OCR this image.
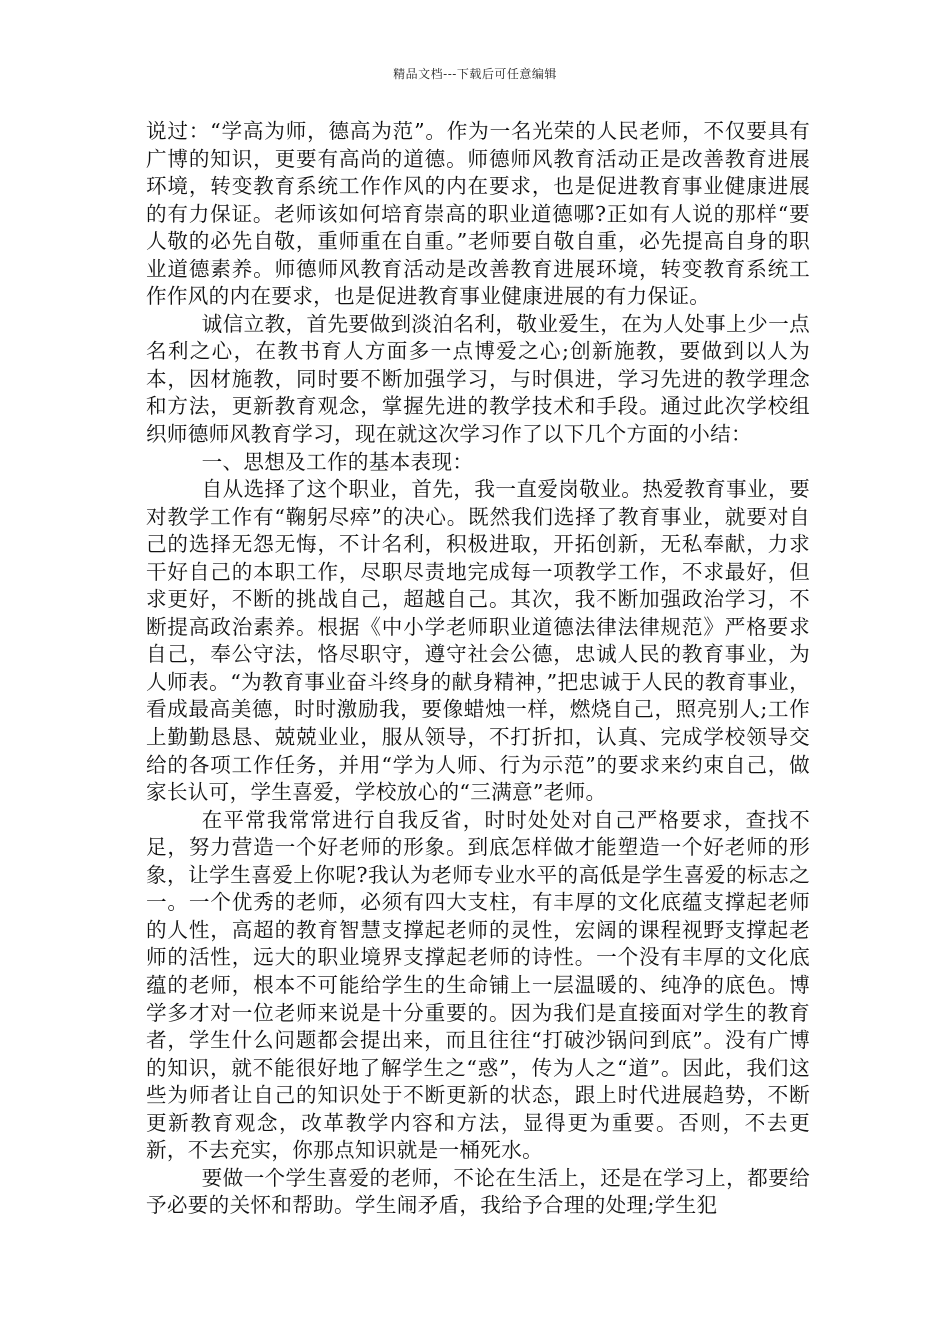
精品文档---下载后可任意编辑

说过：“学高为师，德高为范”。作为一名光荣的人民老师，不仅要具有广博的知识，更要有高尚的道德。师德师风教育活动正是改善教育进展环境，转变教育系统工作作风的内在要求，也是促进教育事业健康进展的有力保证。老师该如何培育崇高的职业道德哪?正如有人说的那样“要人敬的必先自敬，重师重在自重。”老师要自敬自重，必先提高自身的职业道德素养。师德师风教育活动是改善教育进展环境，转变教育系统工作作风的内在要求，也是促进教育事业健康进展的有力保证。

诚信立教，首先要做到淡泊名利，敬业爱生，在为人处事上少一点名利之心，在教书育人方面多一点博爱之心;创新施教，要做到以人为本，因材施教，同时要不断加强学习，与时俱进，学习先进的教学理念和方法，更新教育观念，掌握先进的教学技术和手段。通过此次学校组织师德师风教育学习，现在就这次学习作了以下几个方面的小结：

一、思想及工作的基本表现：

自从选择了这个职业，首先，我一直爱岗敬业。热爱教育事业，要对教学工作有“鞠躬尽瘁”的决心。既然我们选择了教育事业，就要对自己的选择无怨无悔，不计名利，积极进取，开拓创新，无私奉献，力求干好自己的本职工作，尽职尽责地完成每一项教学工作，不求最好，但求更好，不断的挑战自己，超越自己。其次，我不断加强政治学习，不断提高政治素养。根据《中小学老师职业道德法律法律规范》严格要求自己，奉公守法，恪尽职守，遵守社会公德，忠诚人民的教育事业，为人师表。“为教育事业奋斗终身的献身精神，”把忠诚于人民的教育事业，看成最高美德，时时激励我，要像蜡烛一样，燃烧自己，照亮别人;工作上勤勤恳恳、兢兢业业，服从领导，不打折扣，认真、完成学校领导交给的各项工作任务，并用“学为人师、行为示范”的要求来约束自己，做家长认可，学生喜爱，学校放心的“三满意”老师。

在平常我常常进行自我反省，时时处处对自己严格要求，查找不足，努力营造一个好老师的形象。到底怎样做才能塑造一个好老师的形象，让学生喜爱上你呢?我认为老师专业水平的高低是学生喜爱的标志之一。一个优秀的老师，必须有四大支柱，有丰厚的文化底蕴支撑起老师的人性，高超的教育智慧支撑起老师的灵性，宏阔的课程视野支撑起老师的活性，远大的职业境界支撑起老师的诗性。一个没有丰厚的文化底蕴的老师，根本不可能给学生的生命铺上一层温暖的、纯净的底色。博学多才对一位老师来说是十分重要的。因为我们是直接面对学生的教育者，学生什么问题都会提出来，而且往往“打破沙锅问到底”。没有广博的知识，就不能很好地了解学生之“惑”，传为人之“道”。因此，我们这些为师者让自己的知识处于不断更新的状态，跟上时代进展趋势，不断更新教育观念，改革教学内容和方法，显得更为重要。否则，不去更新，不去充实，你那点知识就是一桶死水。

要做一个学生喜爱的老师，不论在生活上，还是在学习上，都要给予必要的关怀和帮助。学生闹矛盾，我给予合理的处理;学生犯
